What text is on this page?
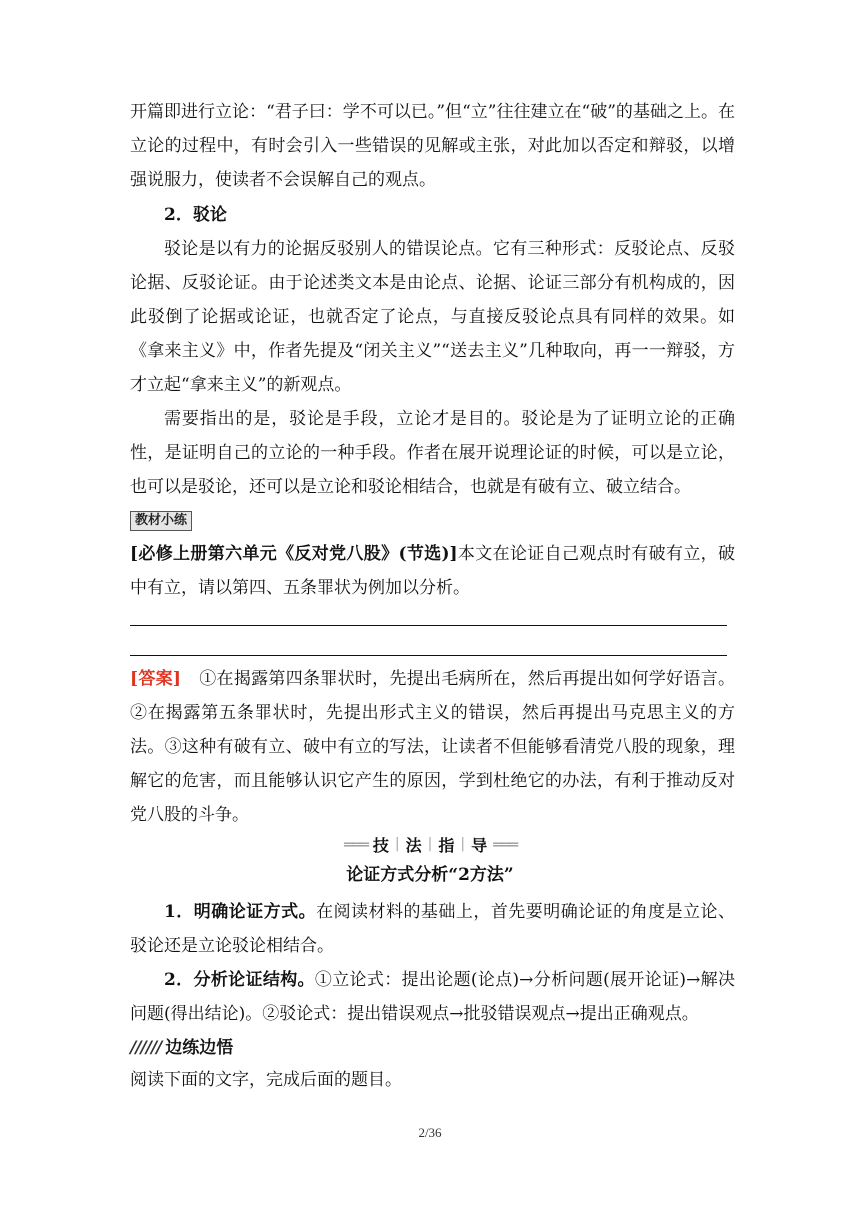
开篇即进行立论：“君子曰：学不可以已。”但“立”往往建立在“破”的基础之上。在立论的过程中，有时会引入一些错误的见解或主张，对此加以否定和辩驳，以增强说服力，使读者不会误解自己的观点。

2．驳论

驳论是以有力的论据反驳别人的错误论点。它有三种形式：反驳论点、反驳论据、反驳论证。由于论述类文本是由论点、论据、论证三部分有机构成的，因此驳倒了论据或论证，也就否定了论点，与直接反驳论点具有同样的效果。如《拿来主义》中，作者先提及“闭关主义”“送去主义”几种取向，再一一辩驳，方才立起“拿来主义”的新观点。

需要指出的是，驳论是手段，立论才是目的。驳论是为了证明立论的正确性，是证明自己的立论的一种手段。作者在展开说理论证的时候，可以是立论，也可以是驳论，还可以是立论和驳论相结合，也就是有破有立、破立结合。

教材小练

[必修上册第六单元《反对党八股》(节选)]本文在论证自己观点时有破有立，破中有立，请以第四、五条罪状为例加以分析。

[答案] ①在揭露第四条罪状时，先提出毛病所在，然后再提出如何学好语言。②在揭露第五条罪状时，先提出形式主义的错误，然后再提出马克思主义的方法。③这种有破有立、破中有立的写法，让读者不但能够看清党八股的现象，理解它的危害，而且能够认识它产生的原因，学到杜绝它的办法，有利于推动反对党八股的斗争。

═══ 技 | 法 | 指 | 导 ═══
论证方式分析“2方法”

1．明确论证方式。在阅读材料的基础上，首先要明确论证的角度是立论、驳论还是立论驳论相结合。

2．分析论证结构。①立论式：提出论题(论点)→分析问题(展开论证)→解决问题(得出结论)。②驳论式：提出错误观点→批驳错误观点→提出正确观点。

////// 边练边悟

阅读下面的文字，完成后面的题目。

2/36
